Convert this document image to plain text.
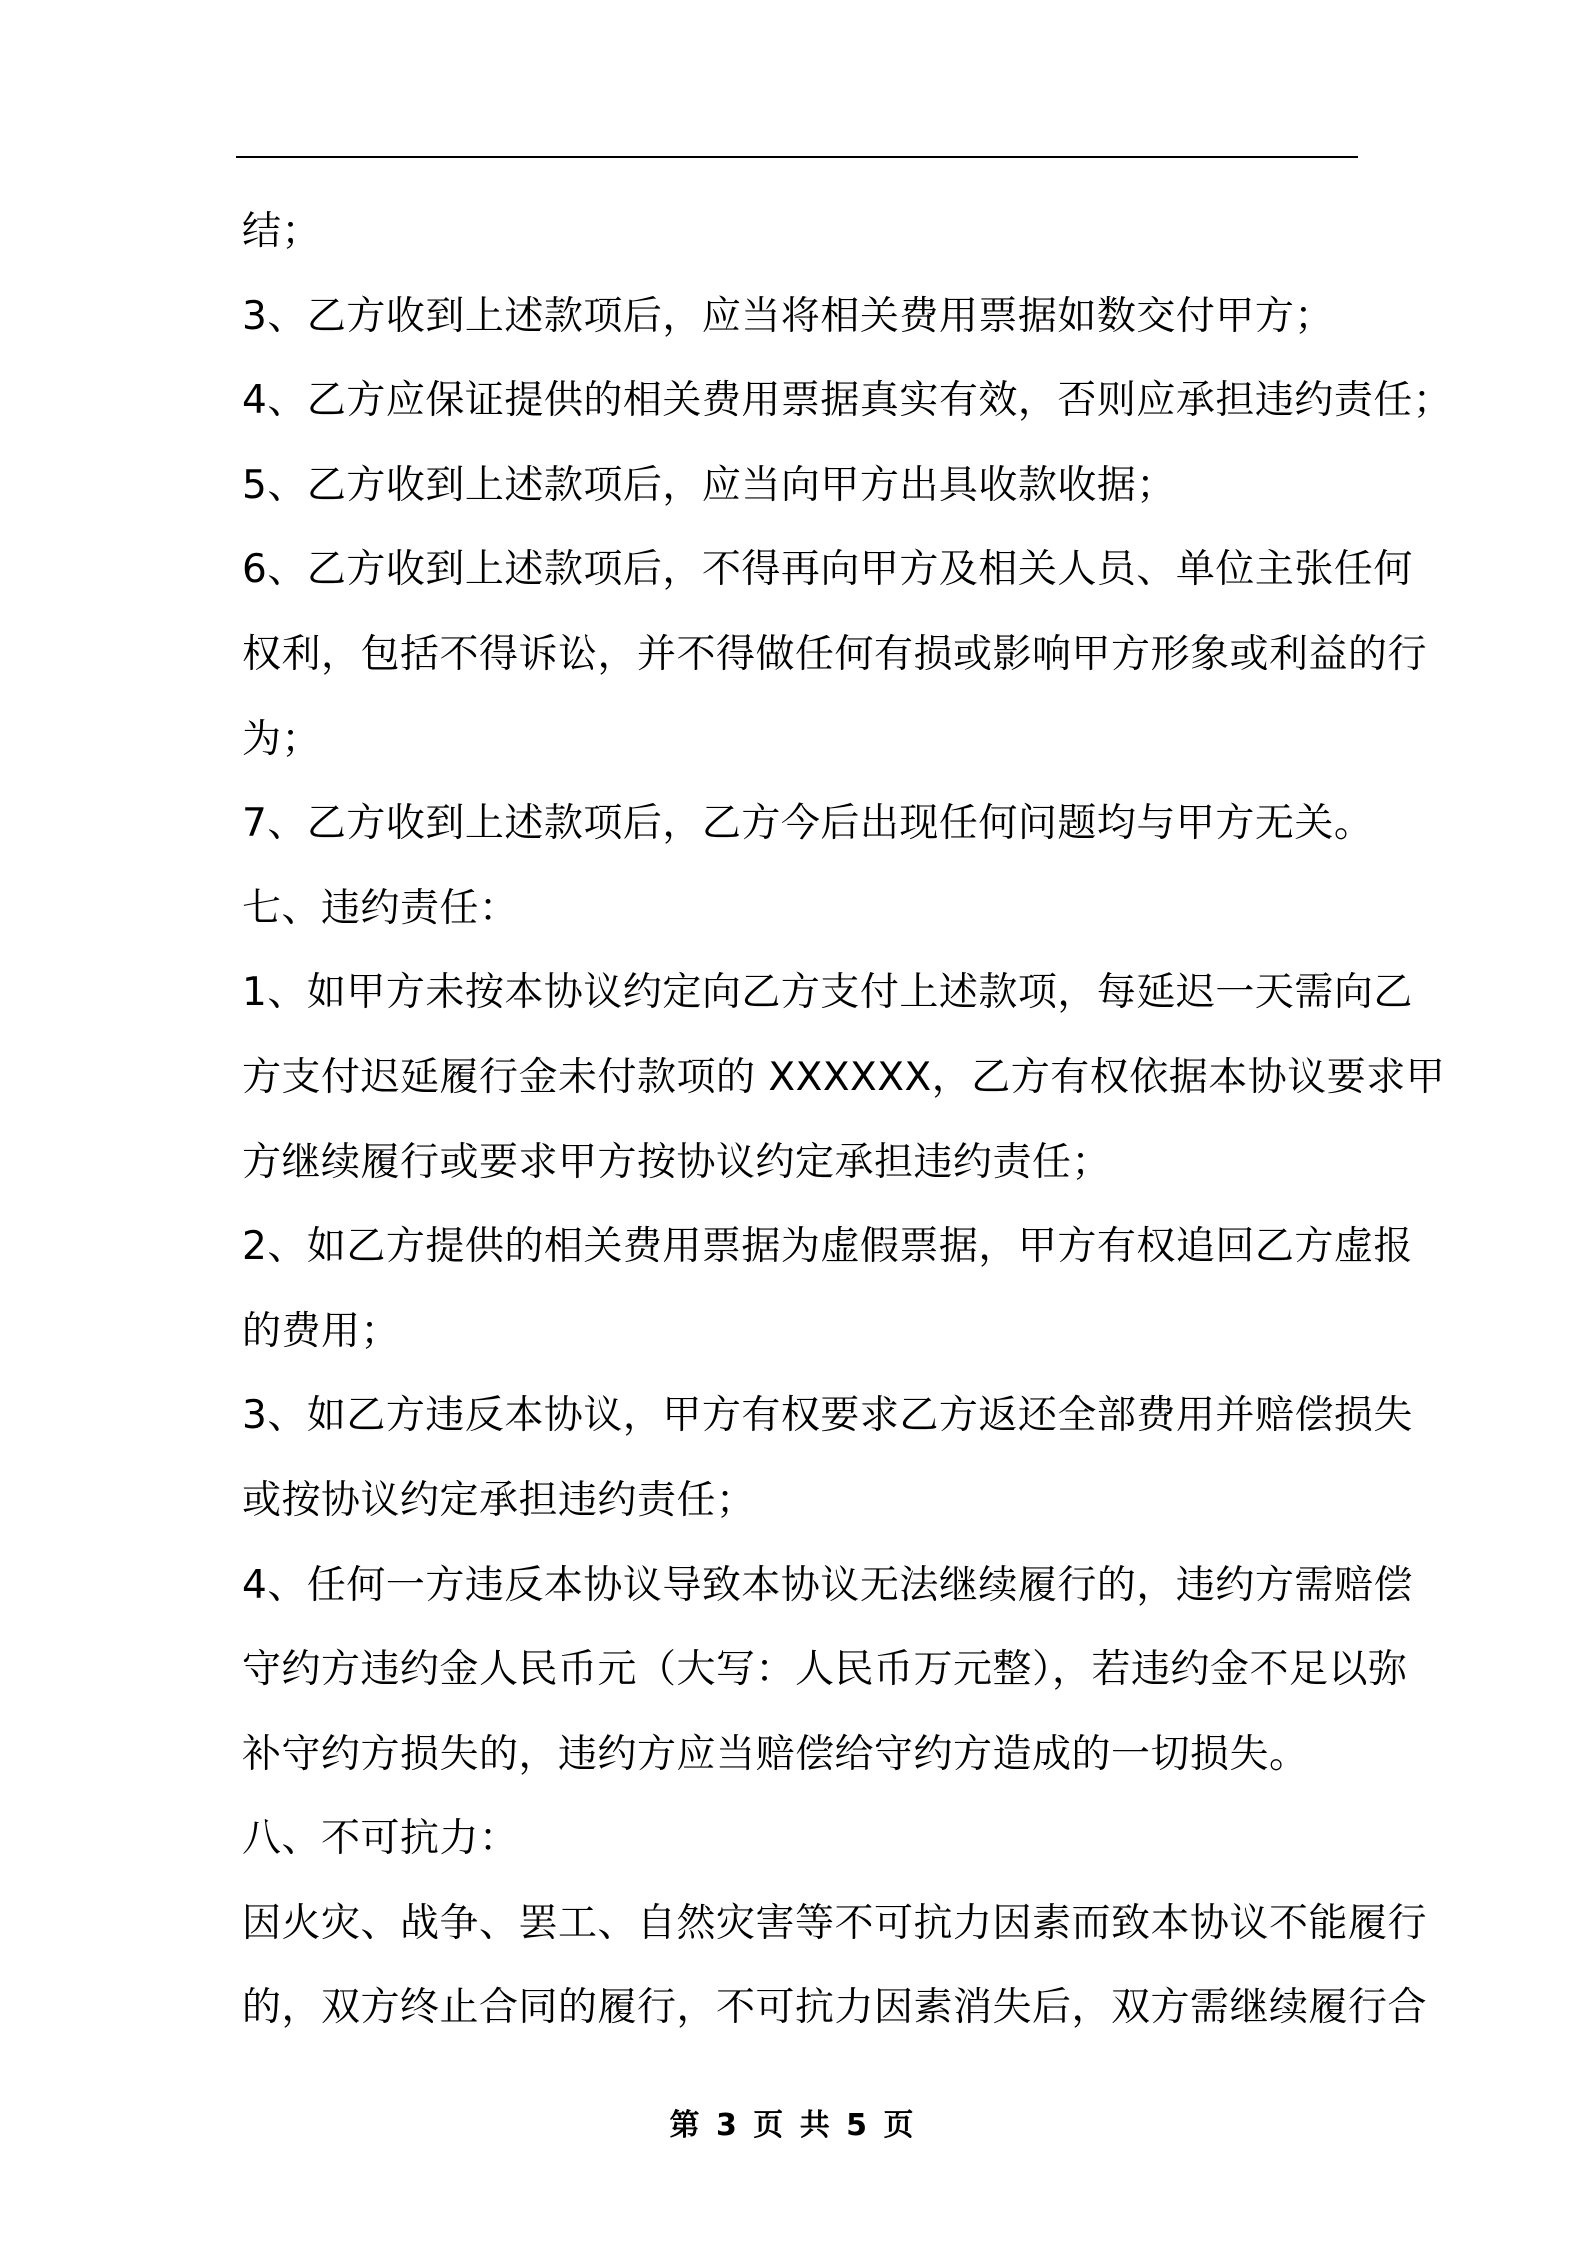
结；
3、乙方收到上述款项后，应当将相关费用票据如数交付甲方；
4、乙方应保证提供的相关费用票据真实有效，否则应承担违约责任；
5、乙方收到上述款项后，应当向甲方出具收款收据；
6、乙方收到上述款项后，不得再向甲方及相关人员、单位主张任何
权利，包括不得诉讼，并不得做任何有损或影响甲方形象或利益的行
为；
7、乙方收到上述款项后，乙方今后出现任何问题均与甲方无关。
七、违约责任：
1、如甲方未按本协议约定向乙方支付上述款项，每延迟一天需向乙
方支付迟延履行金未付款项的 XXXXXX，乙方有权依据本协议要求甲
方继续履行或要求甲方按协议约定承担违约责任；
2、如乙方提供的相关费用票据为虚假票据，甲方有权追回乙方虚报
的费用；
3、如乙方违反本协议，甲方有权要求乙方返还全部费用并赔偿损失
或按协议约定承担违约责任；
4、任何一方违反本协议导致本协议无法继续履行的，违约方需赔偿
守约方违约金人民币元（大写：人民币万元整），若违约金不足以弥
补守约方损失的，违约方应当赔偿给守约方造成的一切损失。
八、不可抗力：
因火灾、战争、罢工、自然灾害等不可抗力因素而致本协议不能履行
的，双方终止合同的履行，不可抗力因素消失后，双方需继续履行合
第 3 页 共 5 页
